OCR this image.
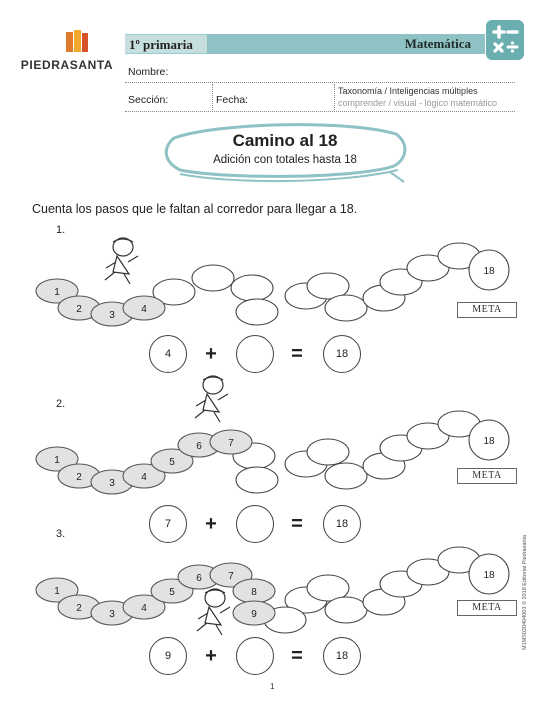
PIEDRASANTA
1º primaria	Matemática
Nombre:
Sección:	Fecha:
Taxonomía / Inteligencias múltiples
comprender / visual - lógico matemático
Camino al 18
Adición con totales hasta 18
Cuenta los pasos que le faltan al corredor para llegar a 18.
1.
1
2
3
4
18
META
4	+	=	18
2.
1
2
3
4
5
6	7	18
META
7	+	=	18
3.
1
2
3
4
5
6	7
8
9
18
META
9	+	=	18
M1MS020404003 © 2018 Editorial Piedrasanta
1
